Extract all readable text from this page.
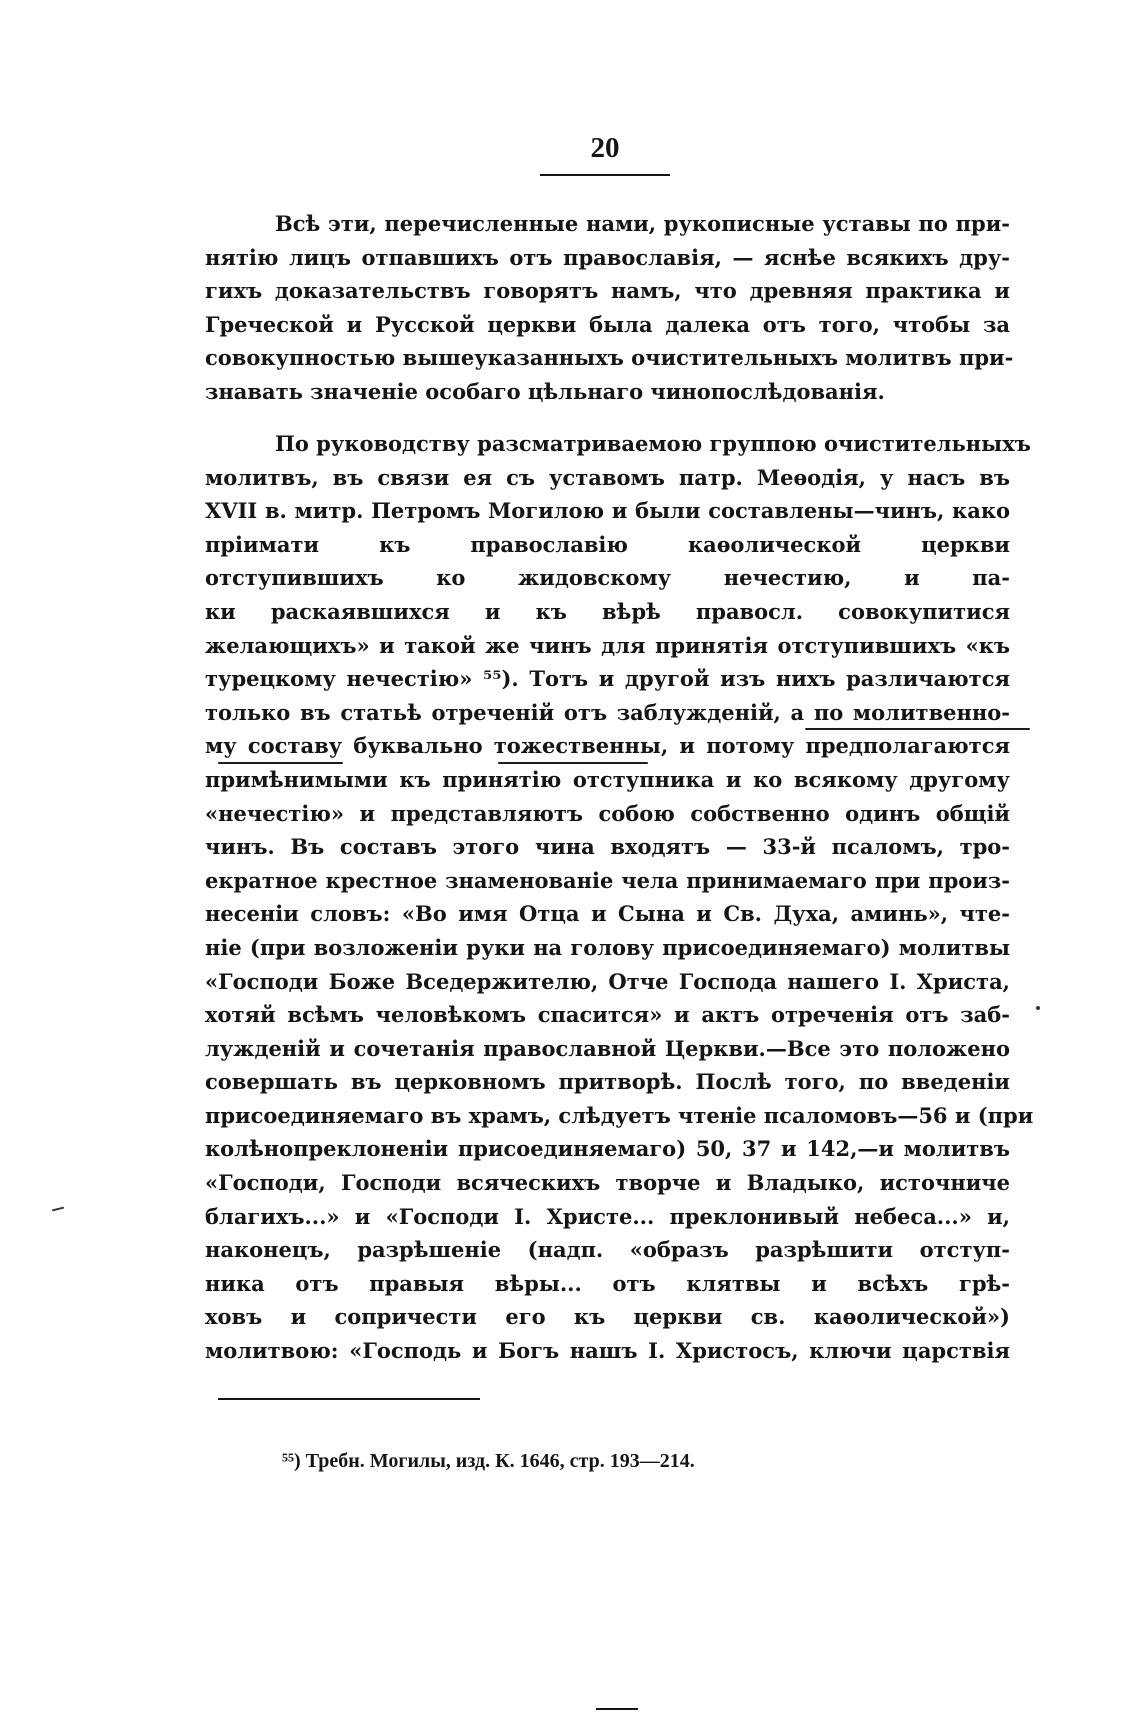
20
Всѣ эти, перечисленные нами, рукописные уставы по при-
нятію лицъ отпавшихъ отъ православія, — яснѣе всякихъ дру-
гихъ доказательствъ говорятъ намъ, что древняя практика и
Греческой и Русской церкви была далека отъ того, чтобы за
совокупностью вышеуказанныхъ очистительныхъ молитвъ при-
знавать значеніе особаго цѣльнаго чинопослѣдованія.
По руководству разсматриваемою группою очистительныхъ
молитвъ, въ связи ея съ уставомъ патр. Меѳодія, у насъ въ
XVII в. митр. Петромъ Могилою и были составлены—чинъ, како
пріимати къ православію каѳолической церкви
отступившихъ ко жидовскому нечестию, и па-
ки раскаявшихся и къ вѣрѣ правосл. совокупитися
желающихъ» и такой же чинъ для принятія отступившихъ «къ
турецкому нечестію» ⁵⁵). Тотъ и другой изъ нихъ различаются
только въ статьѣ отреченій отъ заблужденій, а по молитвенно-
му составу буквально тожественны, и потому предполагаются
примѣнимыми къ принятію отступника и ко всякому другому
«нечестію» и представляютъ собою собственно одинъ общій
чинъ. Въ составъ этого чина входятъ — 33-й псаломъ, тро-
екратное крестное знаменованіе чела принимаемаго при произ-
несеніи словъ: «Во имя Отца и Сына и Св. Духа, аминь», чте-
ніе (при возложеніи руки на голову присоединяемаго) молитвы
«Господи Боже Вседержителю, Отче Господа нашего І. Христа,
хотяй всѣмъ человѣкомъ спасится» и актъ отреченія отъ заб-
лужденій и сочетанія православной Церкви.—Все это положено
совершать въ церковномъ притворѣ. Послѣ того, по введеніи
присоединяемаго въ храмъ, слѣдуетъ чтеніе псаломовъ—56 и (при
колѣнопреклоненіи присоединяемаго) 50, 37 и 142,—и молитвъ
«Господи, Господи всяческихъ творче и Владыко, источниче
благихъ...» и «Господи І. Христе... преклонивый небеса...» и,
наконецъ, разрѣшеніе (надп. «образъ разрѣшити отступ-
ника отъ правыя вѣры... отъ клятвы и всѣхъ грѣ-
ховъ и сопричести его къ церкви св. каѳолической»)
молитвою: «Господь и Богъ нашъ І. Христосъ, ключи царствія
⁵⁵) Требн. Могилы, изд. К. 1646, стр. 193—214.
